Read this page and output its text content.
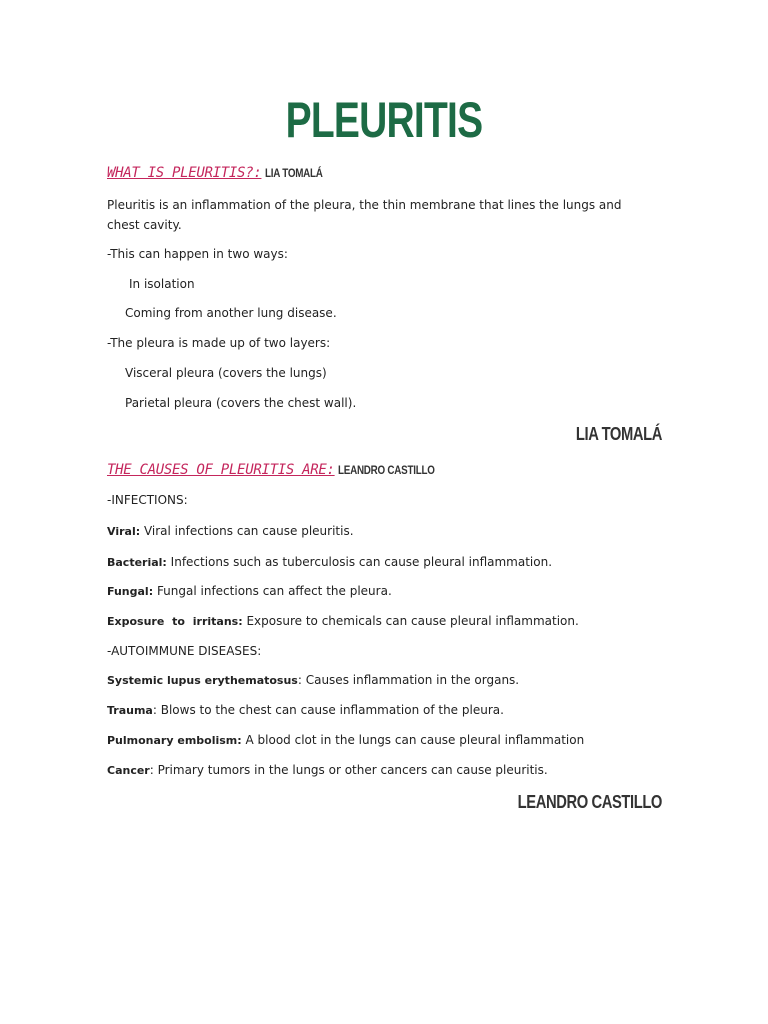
PLEURITIS
WHAT IS PLEURITIS?: LIA TOMALÁ
Pleuritis is an inflammation of the pleura, the thin membrane that lines the lungs and chest cavity.
-This can happen in two ways:
In isolation
Coming from another lung disease.
-The pleura is made up of two layers:
Visceral pleura (covers the lungs)
Parietal pleura (covers the chest wall).
LIA TOMALÁ
THE CAUSES OF PLEURITIS ARE: LEANDRO CASTILLO
-INFECTIONS:
Viral: Viral infections can cause pleuritis.
Bacterial: Infections such as tuberculosis can cause pleural inflammation.
Fungal: Fungal infections can affect the pleura.
Exposure to irritans: Exposure to chemicals can cause pleural inflammation.
-AUTOIMMUNE DISEASES:
Systemic lupus erythematosus: Causes inflammation in the organs.
Trauma: Blows to the chest can cause inflammation of the pleura.
Pulmonary embolism: A blood clot in the lungs can cause pleural inflammation
Cancer: Primary tumors in the lungs or other cancers can cause pleuritis.
LEANDRO CASTILLO
